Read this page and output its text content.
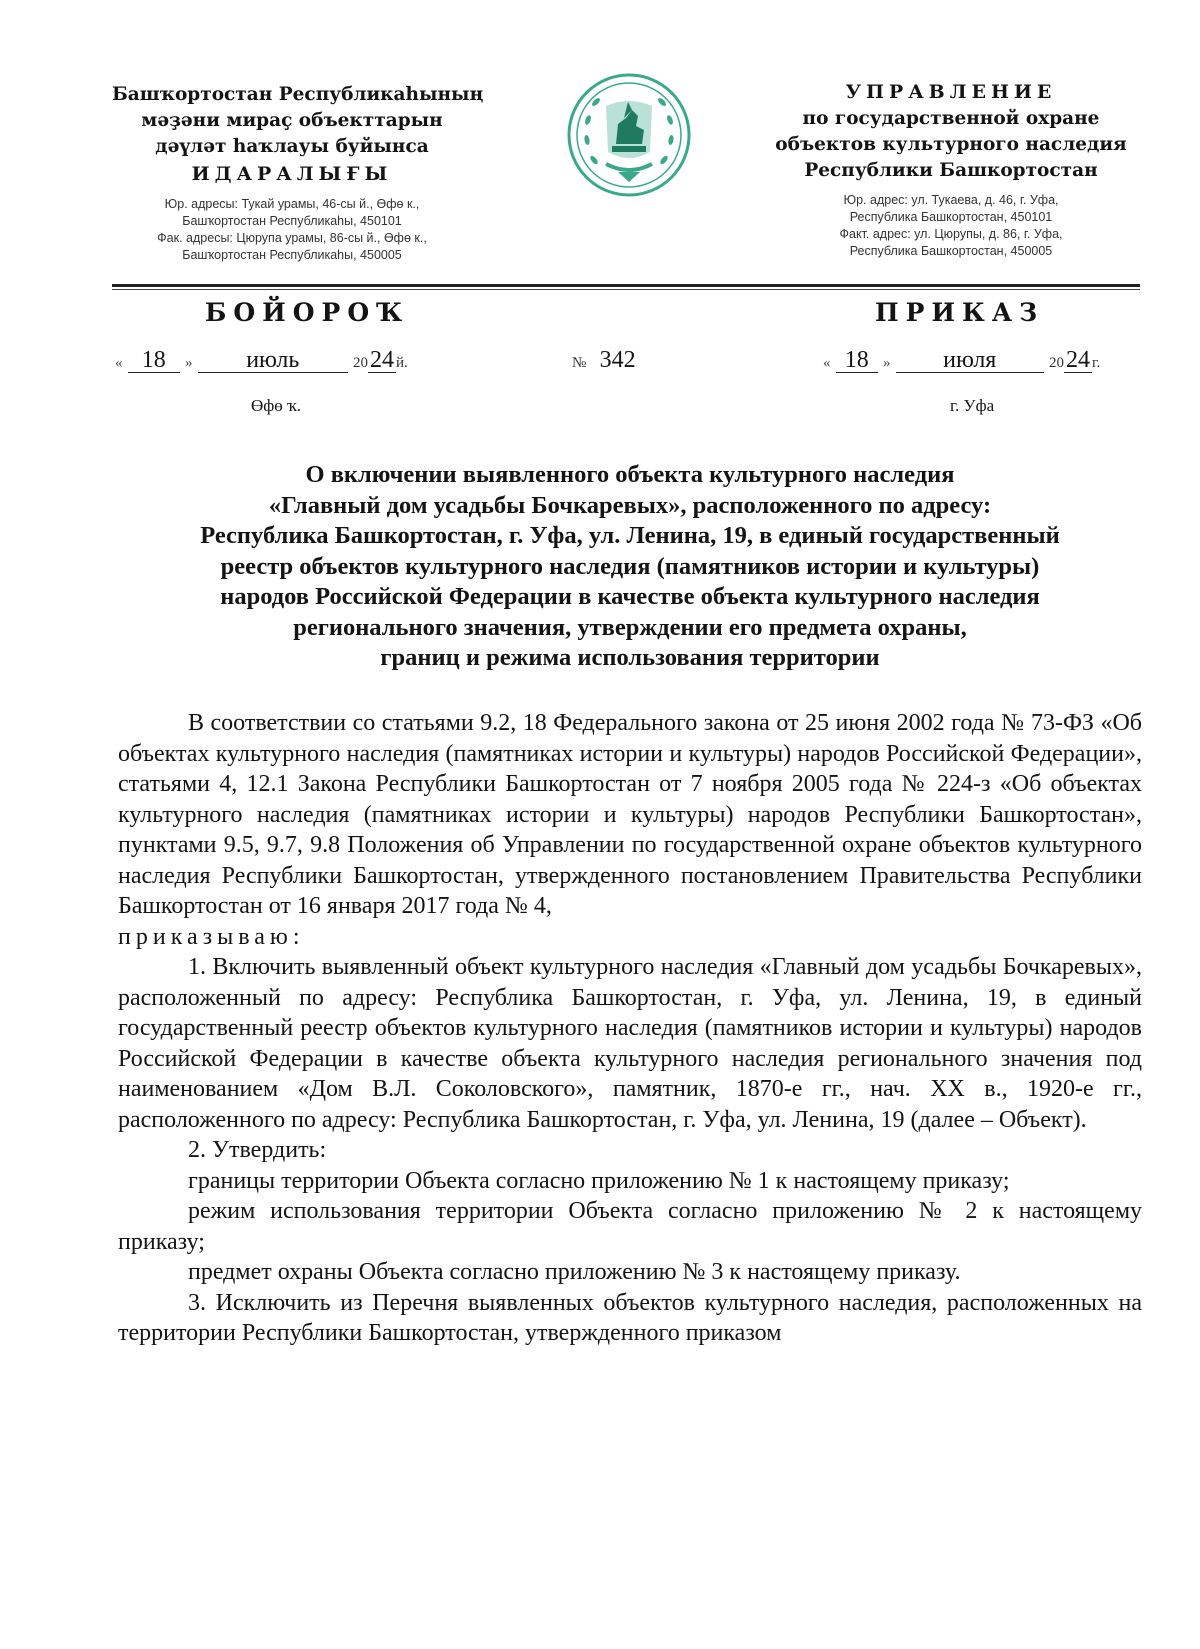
Башҡортостан Республикаһының
мәҙәни мираҫ объекттарын
дәүләт һаҡлауы буйынса
ИДАРАЛЫҒЫ
Юр. адресы: Тукай урамы, 46-сы й., Өфө к.,
Башҡортостан Республикаһы, 450101
Фак. адресы: Цюрупа урамы, 86-сы й., Өфө к.,
Башҡортостан Республикаһы, 450005
УПРАВЛЕНИЕ
по государственной охране
объектов культурного наследия
Республики Башкортостан
Юр. адрес: ул. Тукаева, д. 46, г. Уфа,
Республика Башкортостан, 450101
Факт. адрес: ул. Цюрупы, д. 86, г. Уфа,
Республика Башкортостан, 450005
БОЙОРОҠ	ПРИКАЗ
« 18 » июль	2024 й.	№ 342	« 18 » июля	2024 г.
Өфө ҡ.	г. Уфа
О включении выявленного объекта культурного наследия
«Главный дом усадьбы Бочкаревых», расположенного по адресу:
Республика Башкортостан, г. Уфа, ул. Ленина, 19, в единый государственный
реестр объектов культурного наследия (памятников истории и культуры)
народов Российской Федерации в качестве объекта культурного наследия
регионального значения, утверждении его предмета охраны,
границ и режима использования территории

В соответствии со статьями 9.2, 18 Федерального закона от 25 июня 2002 года № 73-ФЗ «Об объектах культурного наследия (памятниках истории и культуры) народов Российской Федерации», статьями 4, 12.1 Закона Республики Башкортостан от 7 ноября 2005 года № 224-з «Об объектах культурного наследия (памятниках истории и культуры) народов Республики Башкортостан», пунктами 9.5, 9.7, 9.8 Положения об Управлении по государственной охране объектов культурного наследия Республики Башкортостан, утвержденного постановлением Правительства Республики Башкортостан от 16 января 2017 года № 4,

приказываю:

1. Включить выявленный объект культурного наследия «Главный дом усадьбы Бочкаревых», расположенный по адресу: Республика Башкортостан, г. Уфа, ул. Ленина, 19, в единый государственный реестр объектов культурного наследия (памятников истории и культуры) народов Российской Федерации в качестве объекта культурного наследия регионального значения под наименованием «Дом В.Л. Соколовского», памятник, 1870-е гг., нач. XX в., 1920-е гг., расположенного по адресу: Республика Башкортостан, г. Уфа, ул. Ленина, 19 (далее – Объект).

2. Утвердить:

границы территории Объекта согласно приложению № 1 к настоящему приказу;

режим использования территории Объекта согласно приложению № 2 к настоящему приказу;

предмет охраны Объекта согласно приложению № 3 к настоящему приказу.

3. Исключить из Перечня выявленных объектов культурного наследия, расположенных на территории Республики Башкортостан, утвержденного приказом
